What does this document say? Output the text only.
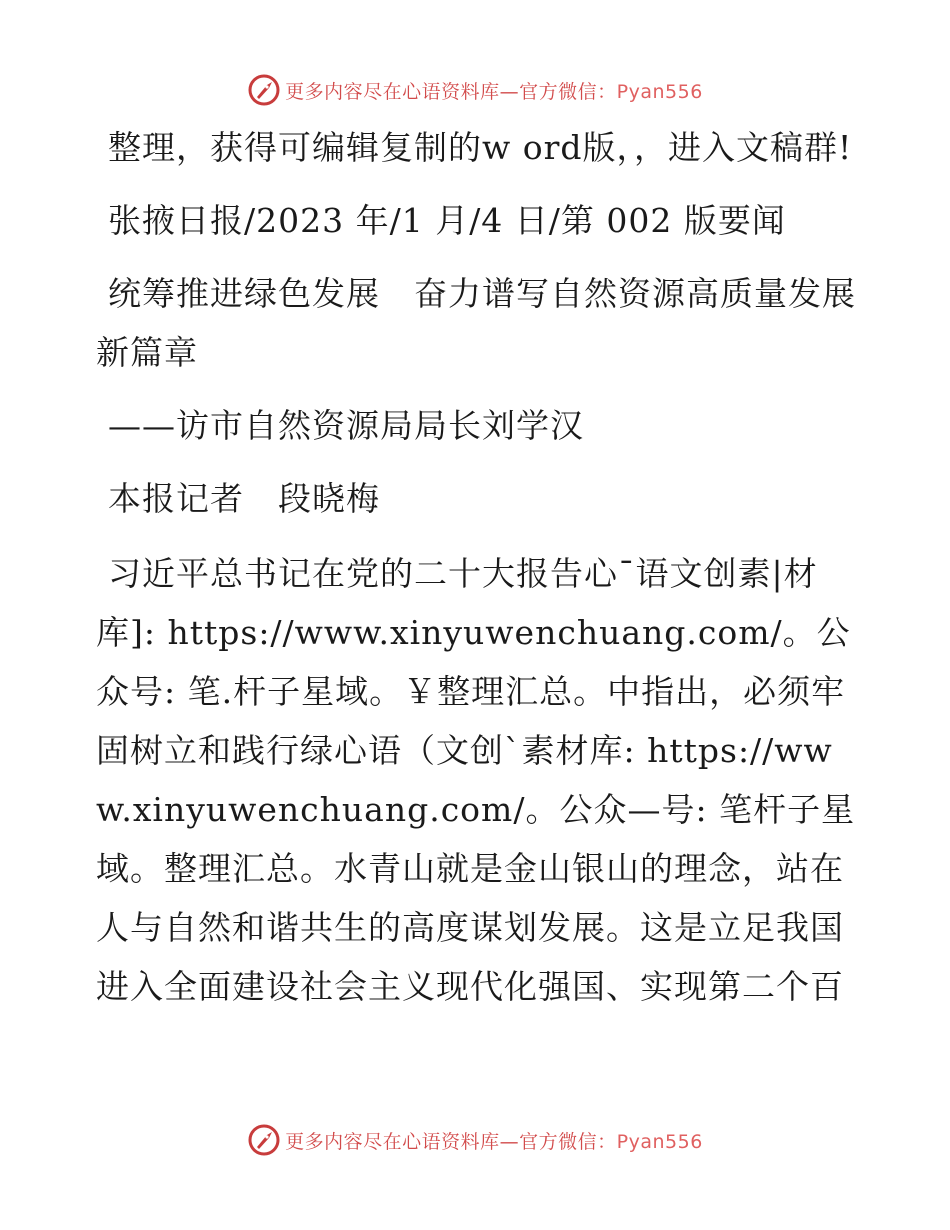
更多内容尽在心语资料库—官方微信：Pyan556

整理，获得可编辑复制的w ord版，，进入文稿群!

张掖日报/2023 年/1 月/4 日/第 002 版要闻

统筹推进绿色发展　奋力谱写自然资源高质量发展新篇章

——访市自然资源局局长刘学汉

本报记者　段晓梅

习近平总书记在党的二十大报告心¯语文创素|材库]: https://www.xinyuwenchuang.com/。公众号: 笔.杆子星域。￥整理汇总。中指出，必须牢固树立和践行绿心语（文创`素材库: https://www.xinyuwenchuang.com/。公众—号: 笔杆子星域。整理汇总。水青山就是金山银山的理念，站在人与自然和谐共生的高度谋划发展。这是立足我国进入全面建设社会主义现代化强国、实现第二个百

更多内容尽在心语资料库—官方微信：Pyan556
